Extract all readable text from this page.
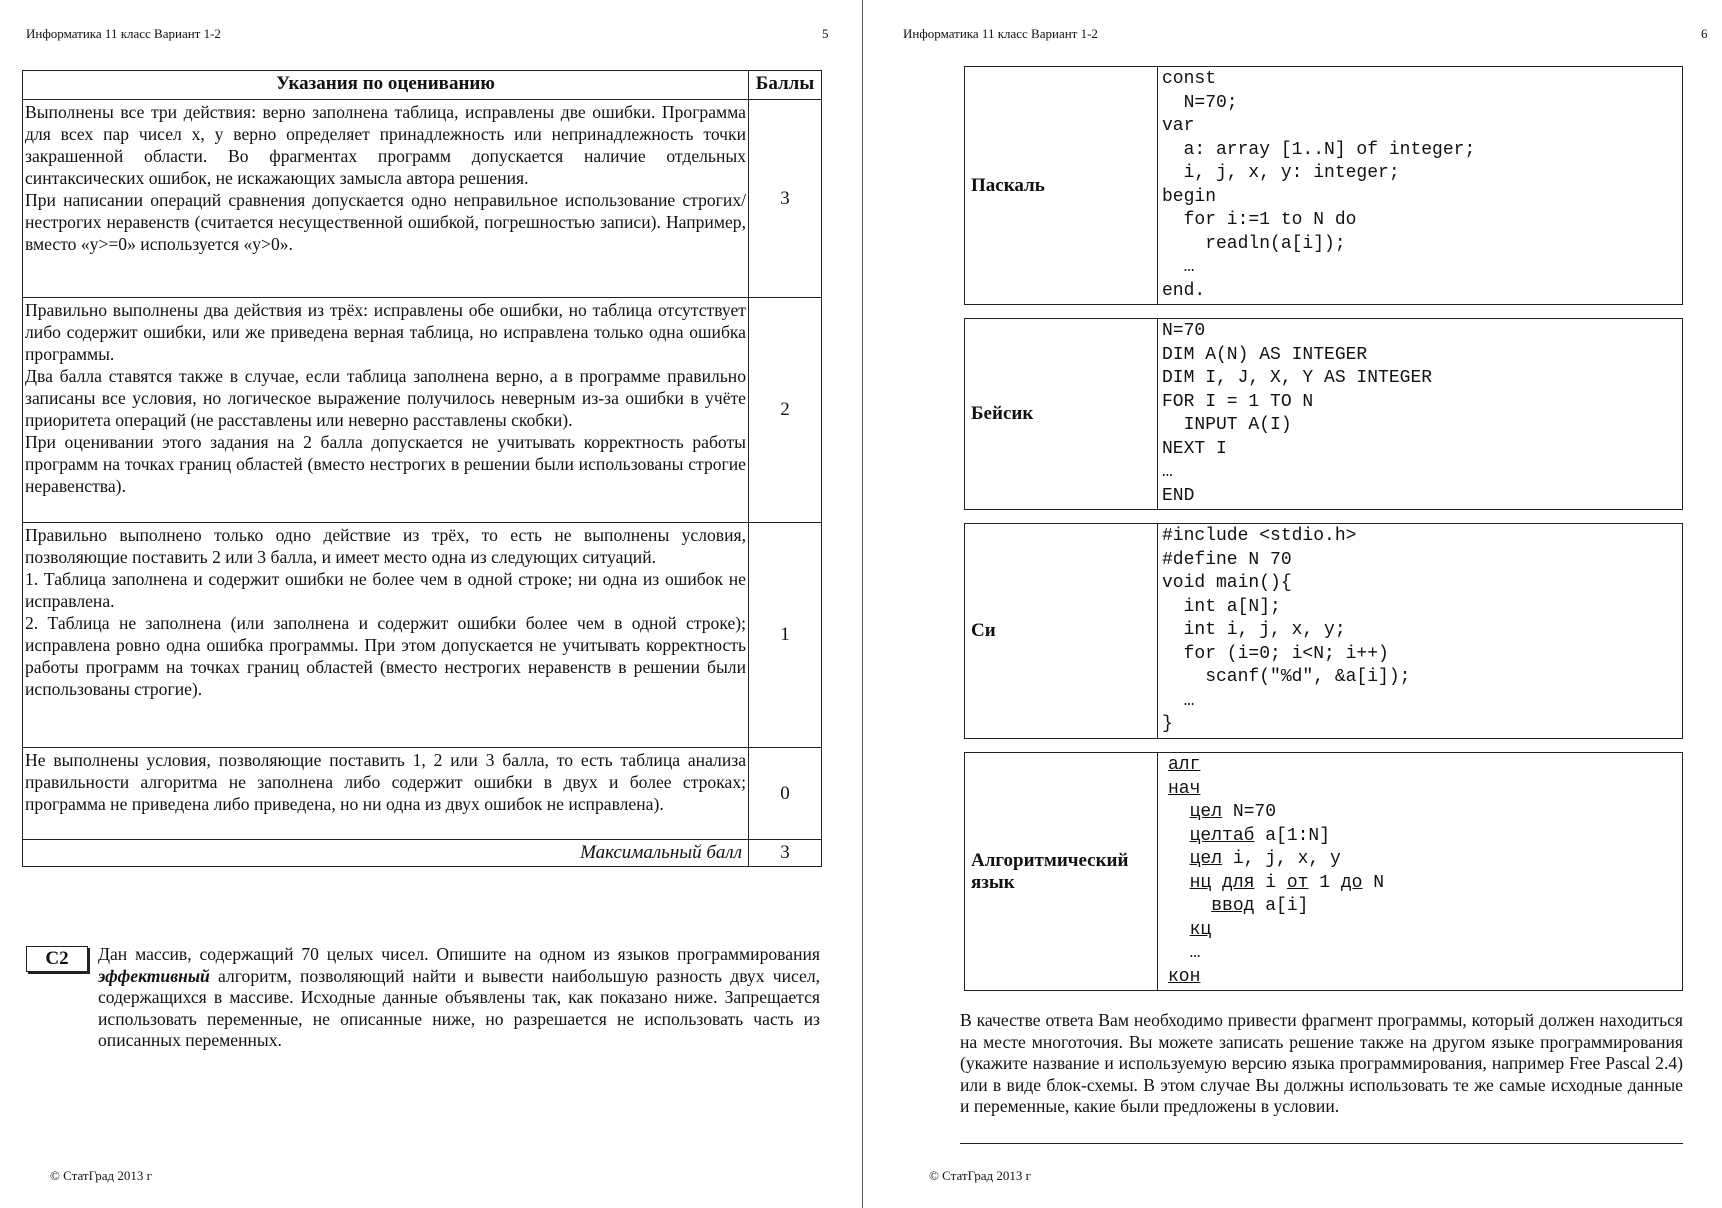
Информатика 11 класс Вариант 1-2	5
Указания по оцениванию	Баллы

Выполнены все три действия: верно заполнена таблица, исправлены две ошибки. Программа для всех пар чисел x, y верно определяет принадлежность или непринадлежность точки закрашенной области. Во фрагментах программ допускается наличие отдельных синтаксических ошибок, не искажающих замысла автора решения.

При написании операций сравнения допускается одно неправильное использование строгих/нестрогих неравенств (считается несущественной ошибкой, погрешностью записи). Например, вместо «y>=0» используется «y>0».	3

Правильно выполнены два действия из трёх: исправлены обе ошибки, но таблица отсутствует либо содержит ошибки, или же приведена верная таблица, но исправлена только одна ошибка программы.

Два балла ставятся также в случае, если таблица заполнена верно, а в программе правильно записаны все условия, но логическое выражение получилось неверным из-за ошибки в учёте приоритета операций (не расставлены или неверно расставлены скобки).

При оценивании этого задания на 2 балла допускается не учитывать корректность работы программ на точках границ областей (вместо нестрогих в решении были использованы строгие неравенства).	2

Правильно выполнено только одно действие из трёх, то есть не выполнены условия, позволяющие поставить 2 или 3 балла, и имеет место одна из следующих ситуаций.

1. Таблица заполнена и содержит ошибки не более чем в одной строке; ни одна из ошибок не исправлена.

2. Таблица не заполнена (или заполнена и содержит ошибки более чем в одной строке); исправлена ровно одна ошибка программы. При этом допускается не учитывать корректность работы программ на точках границ областей (вместо нестрогих неравенств в решении были использованы строгие).	1

Не выполнены условия, позволяющие поставить 1, 2 или 3 балла, то есть таблица анализа правильности алгоритма не заполнена либо содержит ошибки в двух и более строках; программа не приведена либо приведена, но ни одна из двух ошибок не исправлена).	0
Максимальный балл	3
C2	Дан массив, содержащий 70 целых чисел. Опишите на одном из языков программирования эффективный алгоритм, позволяющий найти и вывести наибольшую разность двух чисел, содержащихся в массиве. Исходные данные объявлены так, как показано ниже. Запрещается использовать переменные, не описанные ниже, но разрешается не использовать часть из описанных переменных.
© СтатГрад 2013 г
Информатика 11 класс Вариант 1-2	6
© СтатГрад 2013 г
Паскаль	const
N=70;
var
a: array [1..N] of integer;
i, j, x, y: integer;
begin
for i:=1 to N do
readln(a[i]);
…
end.
Бейсик	N=70
DIM A(N) AS INTEGER
DIM I, J, X, Y AS INTEGER
FOR I = 1 TO N
INPUT A(I)
NEXT I
…
END
Си	#include <stdio.h>
#define N 70
void main(){
int a[N];
int i, j, x, y;
for (i=0; i<N; i++)
scanf("%d", &a[i]);
…
}
Алгоритмический
язык	алг
нач
цел N=70
целтаб a[1:N]
цел i, j, x, y
нц для i от 1 до N
ввод a[i]
кц
…
кон
В качестве ответа Вам необходимо привести фрагмент программы, который должен находиться на месте многоточия. Вы можете записать решение также на другом языке программирования (укажите название и используемую версию языка программирования, например Free Pascal 2.4) или в виде блок-схемы. В этом случае Вы должны использовать те же самые исходные данные и переменные, какие были предложены в условии.
